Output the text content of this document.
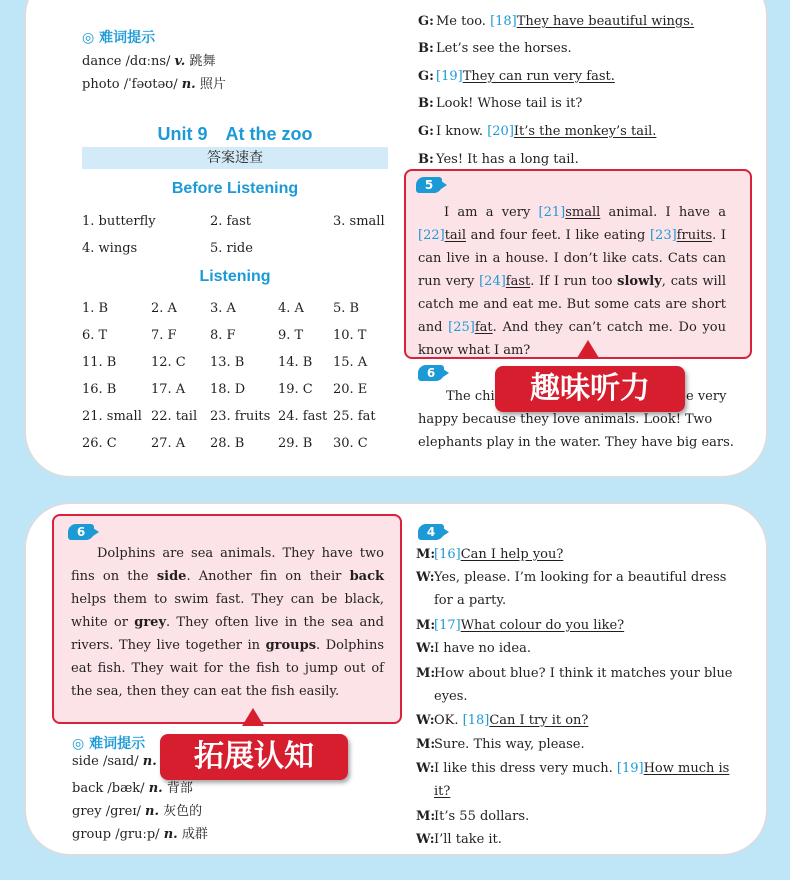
◎ 难词提示
dance /dɑːns/ v. 跳舞
photo /ˈfəʊtəʊ/ n. 照片
Unit 9　At the zoo
答案速查
Before Listening
1. butterfly	2. fast	3. small
4. wings	5. ride
Listening
1. B	2. A	3. A	4. A 5. B
6. T	7. F	8. F	9. T 10. T
11. B	12. C 13. B	14. B 15. A
16. B	17. A 18. D	19. C 20. E
21. small 22. tail 23. fruits 24. fast 25. fat
26. C	27. A 28. B	29. B 30. C
G: Me too. [18]They have beautiful wings.
B: Let’s see the horses.
G: [19]They can run very fast.
B: Look! Whose tail is it?
G: I know. [20]It’s the monkey’s tail.
B: Yes! It has a long tail.
5
I am a very [21]small animal. I have a [22]tail and four feet. I like eating [23]fruits. I can live in a house. I don’t like cats. Cats can run very [24]fast. If I run too slowly, cats will catch me and eat me. But some cats are short and [25]fat. And they can’t catch me. Do you know what I am?
6
The chi	e very
happy because they love animals. Look! Two
elephants play in the water. They have big ears.
趣味听力
6
Dolphins are sea animals. They have two fins on the side. Another fin on their back helps them to swim fast. They can be black, white or grey. They often live in the sea and rivers. They live together in groups. Dolphins eat fish. They wait for the fish to jump out of the sea, then they can eat the fish easily.
◎ 难词提示
side /saɪd/ n.
back /bæk/ n. 背部
grey /greɪ/ n. 灰色的
group /gruːp/ n. 成群
拓展认知
4
M:[16]Can I help you?
W:Yes, please. I’m looking for a beautiful dress
for a party.
M:[17]What colour do you like?
W:I have no idea.
M:How about blue? I think it matches your blue
eyes.
W:OK. [18]Can I try it on?
M:Sure. This way, please.
W:I like this dress very much. [19]How much is
it?
M:It’s 55 dollars.
W:I’ll take it.
